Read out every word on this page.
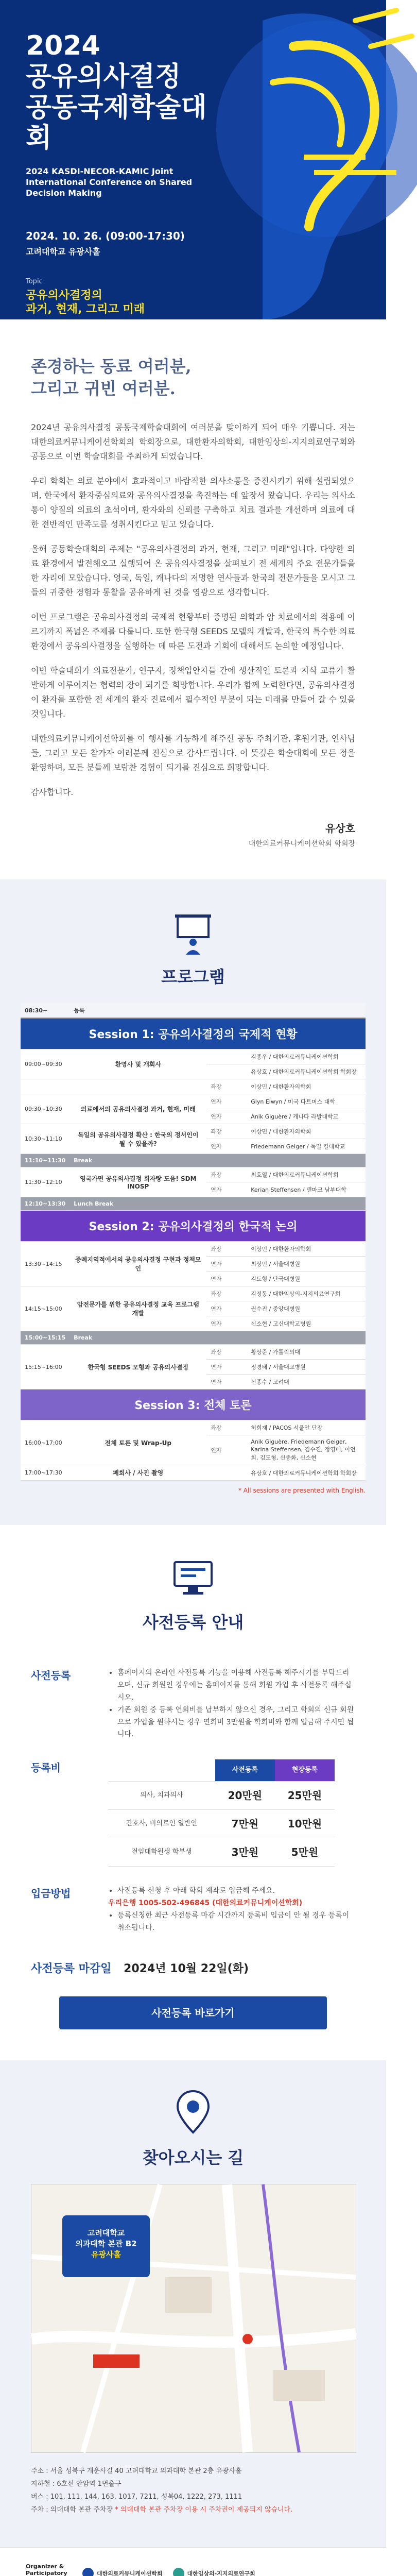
2024
공유의사결정
공동국제학술대회
2024 KASDI-NECOR-KAMIC Joint
International Conference on Shared Decision Making
2024. 10. 26. (09:00-17:30)
고려대학교 유광사홀
Topic
공유의사결정의
과거, 현재, 그리고 미래
The Past, Present, and Future of
Shared Decision Making
존경하는 동료 여러분,
그리고 귀빈 여러분.

2024년 공유의사결정 공동국제학술대회에 여러분을 맞이하게 되어 매우 기쁩니다. 저는 대한의료커뮤니케이션학회의 학회장으로, 대한환자의학회, 대한임상의-지지의료연구회와 공동으로 이번 학술대회를 주최하게 되었습니다.

우리 학회는 의료 분야에서 효과적이고 바람직한 의사소통을 증진시키기 위해 설립되었으며, 한국에서 환자중심의료와 공유의사결정을 촉진하는 데 앞장서 왔습니다. 우리는 의사소통이 양질의 의료의 초석이며, 환자와의 신뢰를 구축하고 치료 결과를 개선하며 의료에 대한 전반적인 만족도를 성취시킨다고 믿고 있습니다.

올해 공동학술대회의 주제는 "공유의사결정의 과거, 현재, 그리고 미래"입니다. 다양한 의료 환경에서 발전해오고 실행되어 온 공유의사결정을 살펴보기 전 세계의 주요 전문가들을 한 자리에 모았습니다. 영국, 독일, 캐나다의 저명한 연사들과 한국의 전문가들을 모시고 그들의 귀중한 경험과 통찰을 공유하게 된 것을 영광으로 생각합니다.

이번 프로그램은 공유의사결정의 국제적 현황부터 증명된 의학과 암 치료에서의 적용에 이르기까지 폭넓은 주제를 다룹니다. 또한 한국형 SEEDS 모델의 개발과, 한국의 특수한 의료 환경에서 공유의사결정을 실행하는 데 따른 도전과 기회에 대해서도 논의할 예정입니다.

이번 학술대회가 의료전문가, 연구자, 정책입안자들 간에 생산적인 토론과 지식 교류가 활발하게 이루어지는 협력의 장이 되기를 희망합니다. 우리가 함께 노력한다면, 공유의사결정이 환자를 포함한 전 세계의 환자 진료에서 필수적인 부분이 되는 미래를 만들어 갈 수 있을 것입니다.

대한의료커뮤니케이션학회를 이 행사를 가능하게 해주신 공동 주최기관, 후원기관, 연사님들, 그리고 모든 참가자 여러분께 진심으로 감사드립니다. 이 뜻깊은 학술대회에 모든 정을 환영하며, 모든 분들께 보람찬 경험이 되기를 진심으로 희망합니다.

감사합니다.

유상호
대한의료커뮤니케이션학회 학회장
프로그램
08:30~	등록		
Session 1: 공유의사결정의 국제적 현황			
09:00~09:30	환영사 및 개회사		김종우 / 대한의료커뮤니케이션학회
			유상호 / 대한의료커뮤니케이션학회 학회장
		좌장	이상민 / 대한환자의학회
09:30~10:30	의료에서의 공유의사결정 과거, 현재, 미래	연자	Glyn Elwyn / 미국 다트머스 대학
		연자	Anik Giguère / 캐나다 라발대학교
10:30~11:10	독일의 공유의사결정 확산 : 한국의 정서인이 될 수 있을까?	좌장	이상민 / 대한환자의학회
		연자	Friedemann Geiger / 독일 킬대학교
11:10~11:30	Break		
11:30~12:10	영국가면 공유의사결정 회자랑 도움! SDM INOSP	좌장	최호열 / 대한의료커뮤니케이션학회
		연자	Kerian Steffensen / 덴마크 남부대학
12:10~13:30	Lunch Break		
Session 2: 공유의사결정의 한국적 논의			
13:30~14:15	증례지역적에서의 공유의사결정 구현과 정책모인	좌장	이상민 / 대한환자의학회
		연자	최상민 / 서울대병원
		연자	김도형 / 단국대병원
14:15~15:00	암전문가를 위한 공유의사결정 교육 프로그램 개발	좌장	김정동 / 대한임상의-지지의료연구회
		연자	권수진 / 중앙대병원
		연자	신소현 / 고신대학교병원
15:00~15:15	Break		
15:15~16:00	한국형 SEEDS 모형과 공유의사결정	좌장	황상준 / 가톨릭의대
		연자	정경태 / 서울대교병원
		연자	신종수 / 고려대
Session 3: 전체 토론			
16:00~17:00	전체 토론 및 Wrap-Up	좌장	허희재 / PACOS 서울안 단장
		연자	Anik Giguère, Friedemann Geiger, Karina Steffensen, 김수진, 정영배, 이언희, 김도형, 신종화, 신소현
17:00~17:30	폐회사 / 사진 촬영		유상호 / 대한의료커뮤니케이션학회 학회장
* All sessions are presented with English.
사전등록 안내
사전등록	• 홈페이지의 온라인 사전등록 기능을 이용해 사전등록 해주시기를 부탁드리오며, 신규 회원인 경우에는 홈페이지를 통해 회원 가입 후 사전등록 해주십시오.
• 기존 회원 중 등록 연회비를 납부하지 않으신 경우, 그리고 학회의 신규 회원으로 가입을 원하시는 경우 연회비 3만원을 학회비와 함께 입금해 주시면 됩니다.
등록비
		사전등록	현장등록
의사, 치과의사	20만원	25만원
간호사, 비의료인 일반인	7만원	10만원
전임대학원생 학부생	3만원	5만원
입금방법	• 사전등록 신청 후 아래 학회 계좌로 입금해 주세요.
우리은행 1005-502-496845 (대한의료커뮤니케이션학회)
• 등록신청한 최근 사전등록 마감 시간까지 등록비 입금이 안 될 경우 등록이 취소됩니다.
사전등록 마감일 2024년 10월 22일(화)
사전등록 바로가기
찾아오시는 길
고려대학교
의과대학 본관 B2
유광사홀
주소 : 서울 성북구 개운사길 40 고려대학교 의과대학 본관 2층 유광사홀
지하철 : 6호선 안암역 1번출구
버스 : 101, 111, 144, 163, 1017, 7211, 성북04, 1222, 273, 1111
주차 : 의대대학 본관 주차장 * 의대대학 본관 주차장 이용 시 주차권이 제공되지 않습니다.
Organizer & Participatory	대한의료커뮤니케이션학회	대한임상의-지지의료연구회
